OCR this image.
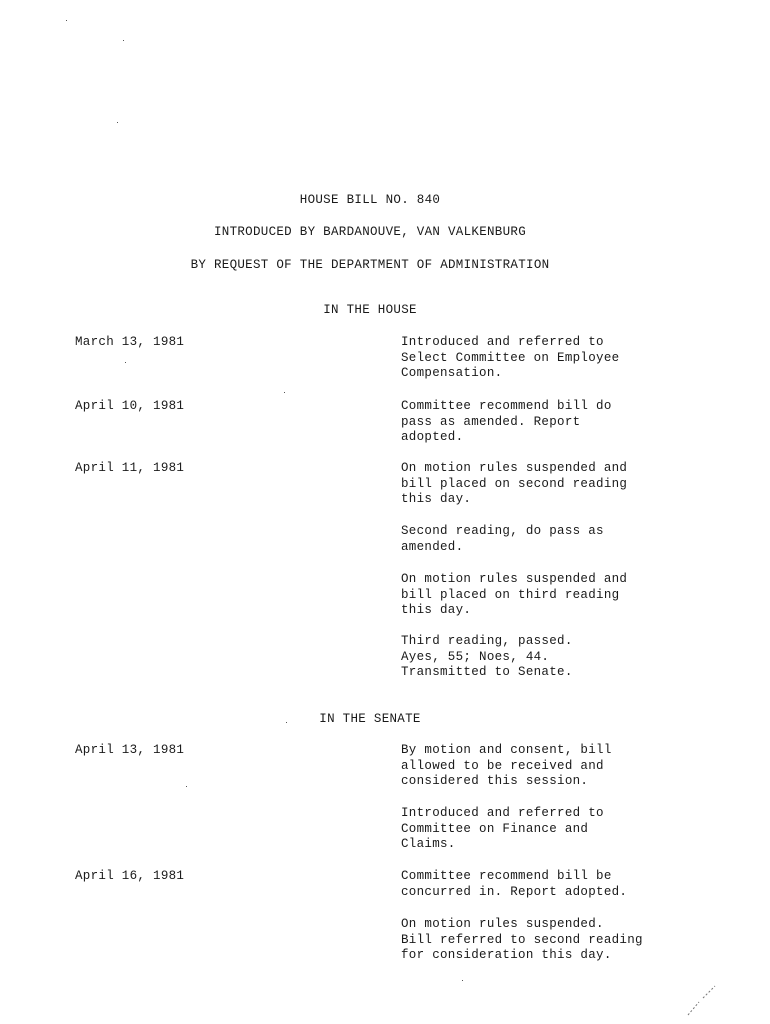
HOUSE BILL NO. 840
INTRODUCED BY BARDANOUVE, VAN VALKENBURG
BY REQUEST OF THE DEPARTMENT OF ADMINISTRATION
IN THE HOUSE
March 13, 1981	Introduced and referred to
Select Committee on Employee
Compensation.
April 10, 1981	Committee recommend bill do
pass as amended. Report
adopted.
April 11, 1981	On motion rules suspended and
bill placed on second reading
this day.
Second reading, do pass as
amended.
On motion rules suspended and
bill placed on third reading
this day.
Third reading, passed.
Ayes, 55; Noes, 44.
Transmitted to Senate.
IN THE SENATE
April 13, 1981	By motion and consent, bill
allowed to be received and
considered this session.
Introduced and referred to
Committee on Finance and
Claims.
April 16, 1981	Committee recommend bill be
concurred in. Report adopted.
On motion rules suspended.
Bill referred to second reading
for consideration this day.
